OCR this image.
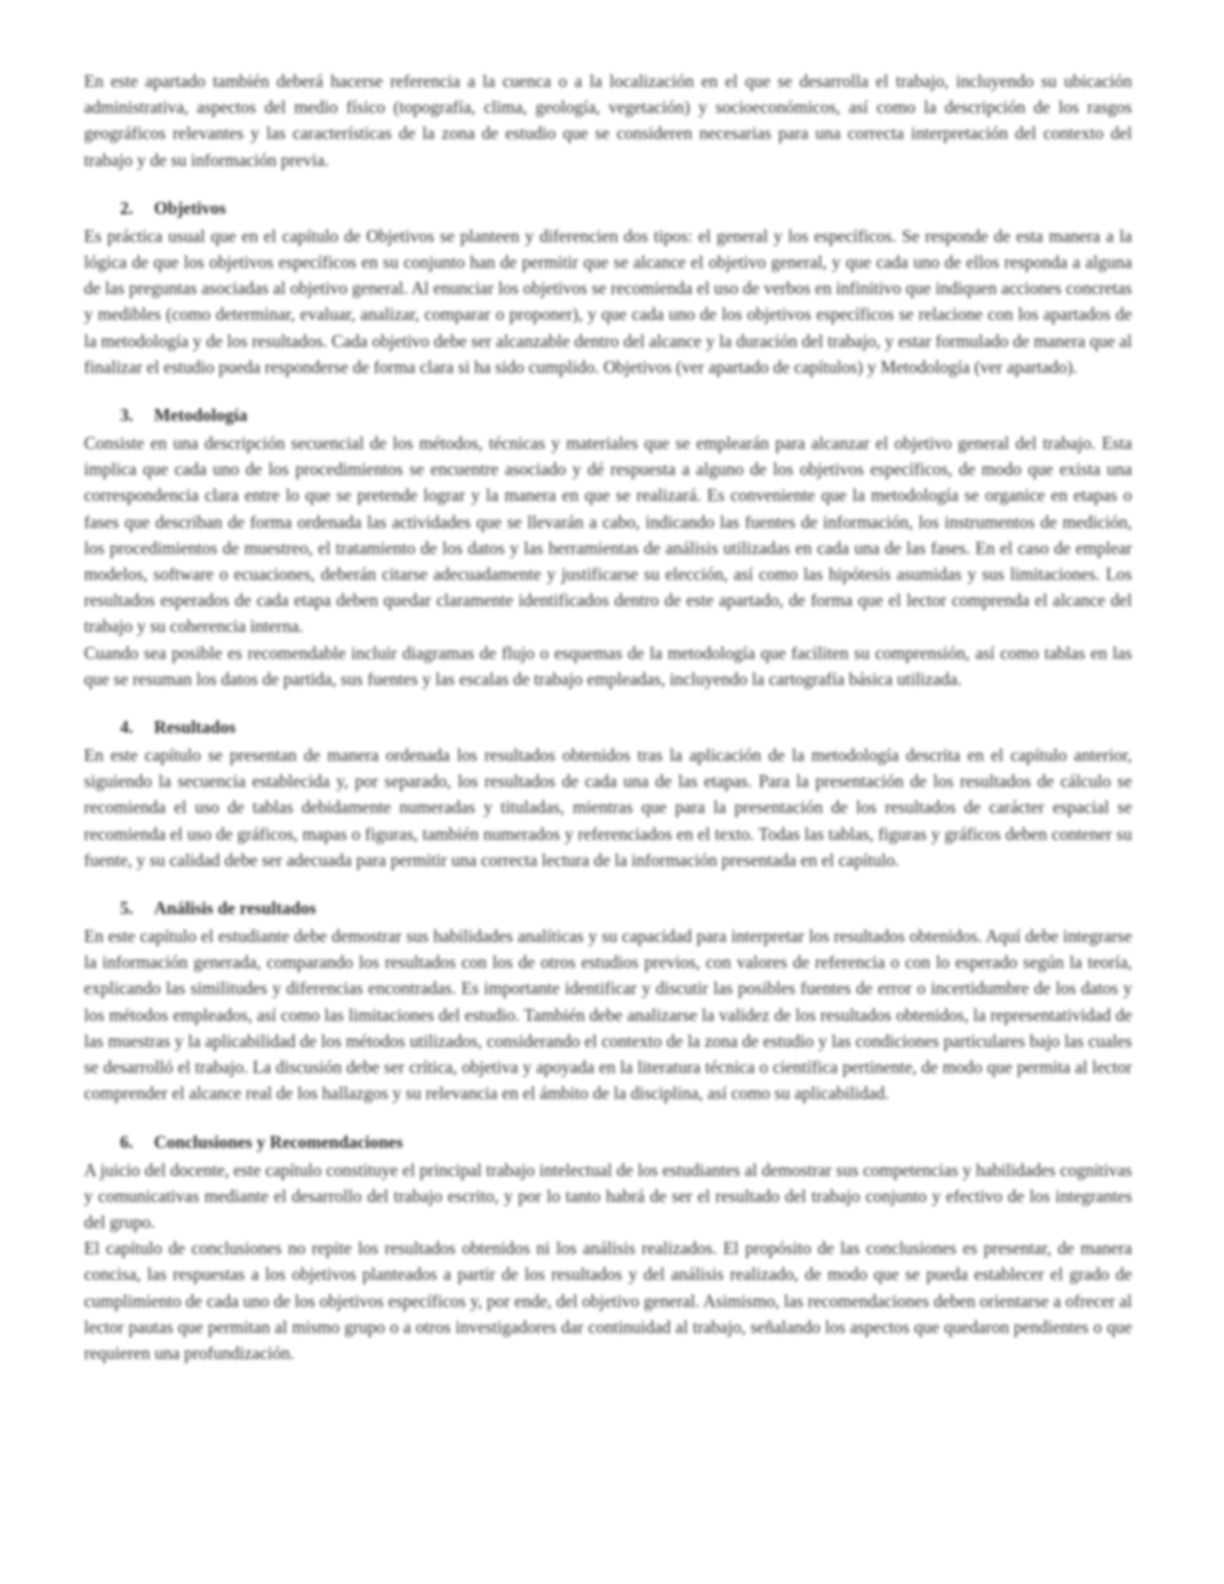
En este apartado también deberá hacerse referencia a la cuenca o a la localización en el que se desarrolla el trabajo, incluyendo su ubicación administrativa, aspectos del medio físico (topografía, clima, geología, vegetación) y socioeconómicos, así como la descripción de los rasgos geográficos relevantes y las características de la zona de estudio que se consideren necesarias para una correcta interpretación del contexto del trabajo y de su información previa.

2.	Objetivos

Es práctica usual que en el capítulo de Objetivos se planteen y diferencien dos tipos: el general y los específicos. Se responde de esta manera a la lógica de que los objetivos específicos en su conjunto han de permitir que se alcance el objetivo general, y que cada uno de ellos responda a alguna de las preguntas asociadas al objetivo general. Al enunciar los objetivos se recomienda el uso de verbos en infinitivo que indiquen acciones concretas y medibles (como determinar, evaluar, analizar, comparar o proponer), y que cada uno de los objetivos específicos se relacione con los apartados de la metodología y de los resultados. Cada objetivo debe ser alcanzable dentro del alcance y la duración del trabajo, y estar formulado de manera que al finalizar el estudio pueda responderse de forma clara si ha sido cumplido. Objetivos (ver apartado de capítulos) y Metodología (ver apartado).

3.	Metodología

Consiste en una descripción secuencial de los métodos, técnicas y materiales que se emplearán para alcanzar el objetivo general del trabajo. Esta implica que cada uno de los procedimientos se encuentre asociado y dé respuesta a alguno de los objetivos específicos, de modo que exista una correspondencia clara entre lo que se pretende lograr y la manera en que se realizará. Es conveniente que la metodología se organice en etapas o fases que describan de forma ordenada las actividades que se llevarán a cabo, indicando las fuentes de información, los instrumentos de medición, los procedimientos de muestreo, el tratamiento de los datos y las herramientas de análisis utilizadas en cada una de las fases. En el caso de emplear modelos, software o ecuaciones, deberán citarse adecuadamente y justificarse su elección, así como las hipótesis asumidas y sus limitaciones. Los resultados esperados de cada etapa deben quedar claramente identificados dentro de este apartado, de forma que el lector comprenda el alcance del trabajo y su coherencia interna.

Cuando sea posible es recomendable incluir diagramas de flujo o esquemas de la metodología que faciliten su comprensión, así como tablas en las que se resuman los datos de partida, sus fuentes y las escalas de trabajo empleadas, incluyendo la cartografía básica utilizada.

4.	Resultados

En este capítulo se presentan de manera ordenada los resultados obtenidos tras la aplicación de la metodología descrita en el capítulo anterior, siguiendo la secuencia establecida y, por separado, los resultados de cada una de las etapas. Para la presentación de los resultados de cálculo se recomienda el uso de tablas debidamente numeradas y tituladas, mientras que para la presentación de los resultados de carácter espacial se recomienda el uso de gráficos, mapas o figuras, también numerados y referenciados en el texto. Todas las tablas, figuras y gráficos deben contener su fuente, y su calidad debe ser adecuada para permitir una correcta lectura de la información presentada en el capítulo.

5.	Análisis de resultados

En este capítulo el estudiante debe demostrar sus habilidades analíticas y su capacidad para interpretar los resultados obtenidos. Aquí debe integrarse la información generada, comparando los resultados con los de otros estudios previos, con valores de referencia o con lo esperado según la teoría, explicando las similitudes y diferencias encontradas. Es importante identificar y discutir las posibles fuentes de error o incertidumbre de los datos y los métodos empleados, así como las limitaciones del estudio. También debe analizarse la validez de los resultados obtenidos, la representatividad de las muestras y la aplicabilidad de los métodos utilizados, considerando el contexto de la zona de estudio y las condiciones particulares bajo las cuales se desarrolló el trabajo. La discusión debe ser crítica, objetiva y apoyada en la literatura técnica o científica pertinente, de modo que permita al lector comprender el alcance real de los hallazgos y su relevancia en el ámbito de la disciplina, así como su aplicabilidad.

6.	Conclusiones y Recomendaciones

A juicio del docente, este capítulo constituye el principal trabajo intelectual de los estudiantes al demostrar sus competencias y habilidades cognitivas y comunicativas mediante el desarrollo del trabajo escrito, y por lo tanto habrá de ser el resultado del trabajo conjunto y efectivo de los integrantes del grupo.

El capítulo de conclusiones no repite los resultados obtenidos ni los análisis realizados. El propósito de las conclusiones es presentar, de manera concisa, las respuestas a los objetivos planteados a partir de los resultados y del análisis realizado, de modo que se pueda establecer el grado de cumplimiento de cada uno de los objetivos específicos y, por ende, del objetivo general. Asimismo, las recomendaciones deben orientarse a ofrecer al lector pautas que permitan al mismo grupo o a otros investigadores dar continuidad al trabajo, señalando los aspectos que quedaron pendientes o que requieren una profundización.
